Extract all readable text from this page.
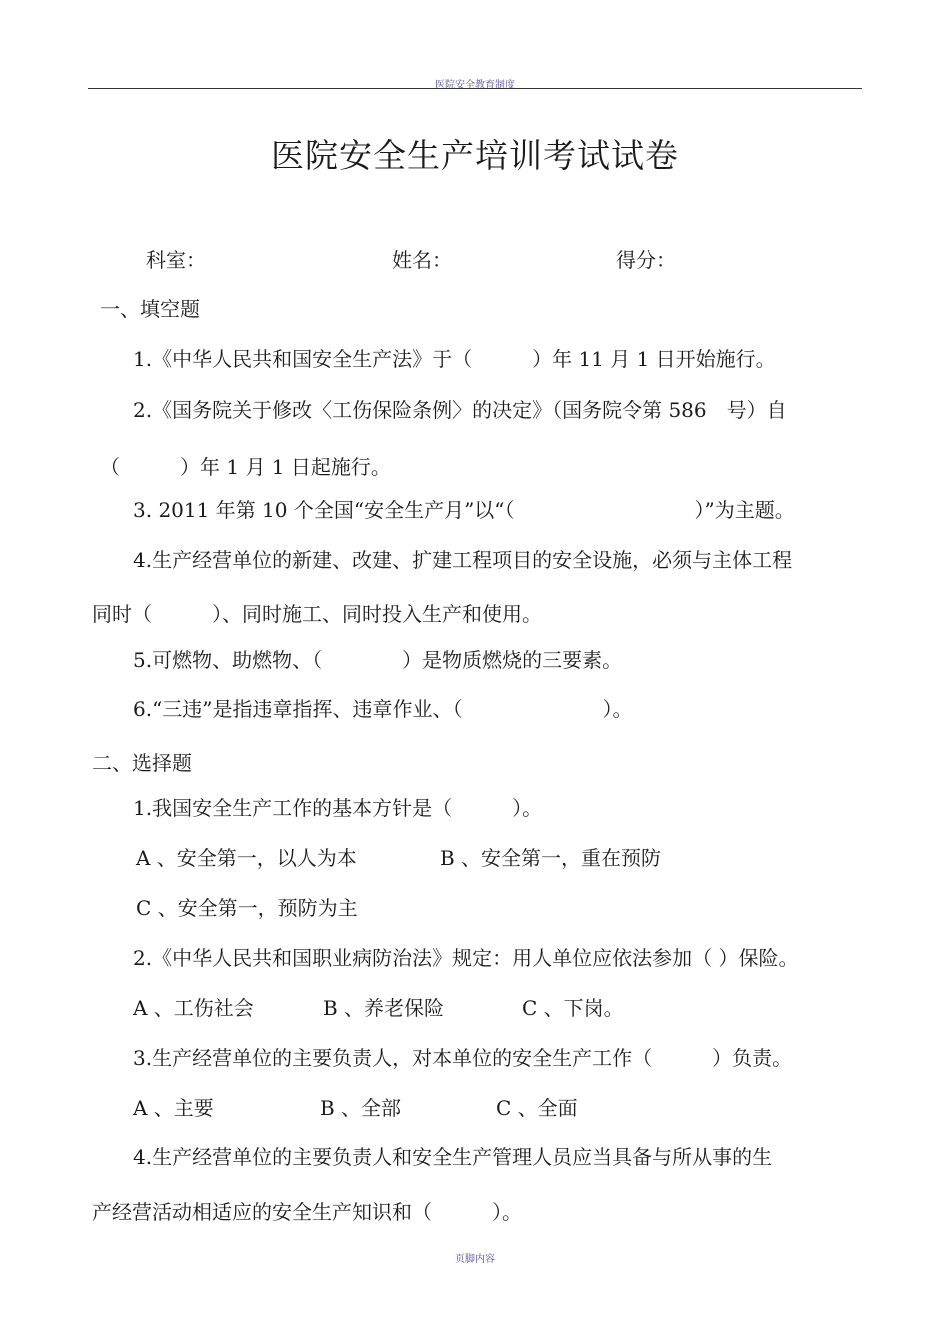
医院安全教育制度
医院安全生产培训考试试卷
科室：	姓名：	得分：
一、填空题
1.《中华人民共和国安全生产法》于（　　　）年 11 月 1 日开始施行。
2.《国务院关于修改〈工伤保险条例〉的决定》（国务院令第 586　号）自
（　　　）年 1 月 1 日起施行。
3. 2011 年第 10 个全国“安全生产月”以“（　　　　　　　　　）”为主题。
4.生产经营单位的新建、改建、扩建工程项目的安全设施，必须与主体工程
同时（　　　）、同时施工、同时投入生产和使用。
5.可燃物、助燃物、（　　　　）是物质燃烧的三要素。
6.“三违”是指违章指挥、违章作业、（　　　　　　　）。
二、选择题
1.我国安全生产工作的基本方针是（　　　）。
A 、安全第一，以人为本	B 、安全第一，重在预防
C 、安全第一，预防为主
2.《中华人民共和国职业病防治法》规定：用人单位应依法参加（ ）保险。
A 、工伤社会	B 、养老保险	C 、下岗。
3.生产经营单位的主要负责人，对本单位的安全生产工作（　　　）负责。
A 、主要	B 、全部	C 、全面
4.生产经营单位的主要负责人和安全生产管理人员应当具备与所从事的生
产经营活动相适应的安全生产知识和（　　　）。
页脚内容
